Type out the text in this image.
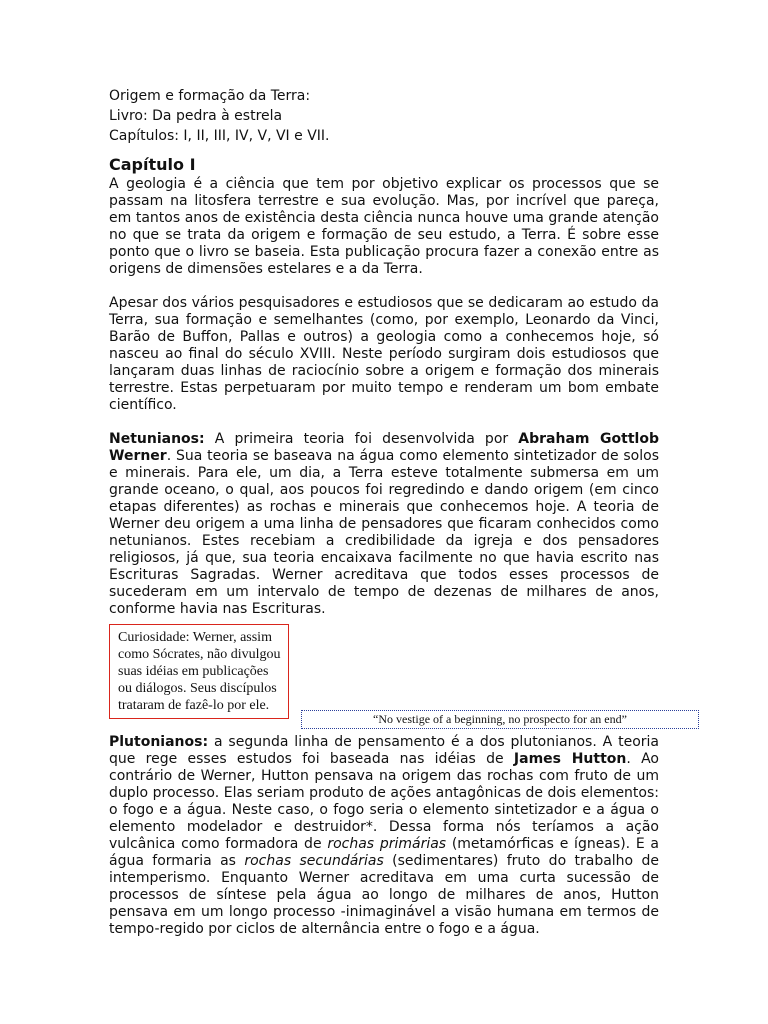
Origem e formação da Terra:

Livro: Da pedra à estrela

Capítulos: I, II, III, IV, V, VI e VII.

Capítulo I

A geologia é a ciência que tem por objetivo explicar os processos que se passam na litosfera terrestre e sua evolução. Mas, por incrível que pareça, em tantos anos de existência desta ciência nunca houve uma grande atenção no que se trata da origem e formação de seu estudo, a Terra. É sobre esse ponto que o livro se baseia. Esta publicação procura fazer a conexão entre as origens de dimensões estelares e a da Terra.

Apesar dos vários pesquisadores e estudiosos que se dedicaram ao estudo da Terra, sua formação e semelhantes (como, por exemplo, Leonardo da Vinci, Barão de Buffon, Pallas e outros) a geologia como a conhecemos hoje, só nasceu ao final do século XVIII. Neste período surgiram dois estudiosos que lançaram duas linhas de raciocínio sobre a origem e formação dos minerais terrestre. Estas perpetuaram por muito tempo e renderam um bom embate científico.

Netunianos: A primeira teoria foi desenvolvida por Abraham Gottlob Werner. Sua teoria se baseava na água como elemento sintetizador de solos e minerais. Para ele, um dia, a Terra esteve totalmente submersa em um grande oceano, o qual, aos poucos foi regredindo e dando origem (em cinco etapas diferentes) as rochas e minerais que conhecemos hoje. A teoria de Werner deu origem a uma linha de pensadores que ficaram conhecidos como netunianos. Estes recebiam a credibilidade da igreja e dos pensadores religiosos, já que, sua teoria encaixava facilmente no que havia escrito nas Escrituras Sagradas. Werner acreditava que todos esses processos de sucederam em um intervalo de tempo de dezenas de milhares de anos, conforme havia nas Escrituras.

Curiosidade: Werner, assim como Sócrates, não divulgou suas idéias em publicações ou diálogos. Seus discípulos trataram de fazê-lo por ele.
“No vestige of a beginning, no prospecto for an end”

Plutonianos: a segunda linha de pensamento é a dos plutonianos. A teoria que rege esses estudos foi baseada nas idéias de James Hutton. Ao contrário de Werner, Hutton pensava na origem das rochas com fruto de um duplo processo. Elas seriam produto de ações antagônicas de dois elementos: o fogo e a água. Neste caso, o fogo seria o elemento sintetizador e a água o elemento modelador e destruidor*. Dessa forma nós teríamos a ação vulcânica como formadora de rochas primárias (metamórficas e ígneas). E a água formaria as rochas secundárias (sedimentares) fruto do trabalho de intemperismo. Enquanto Werner acreditava em uma curta sucessão de processos de síntese pela água ao longo de milhares de anos, Hutton pensava em um longo processo -inimaginável a visão humana em termos de tempo-regido por ciclos de alternância entre o fogo e a água.
